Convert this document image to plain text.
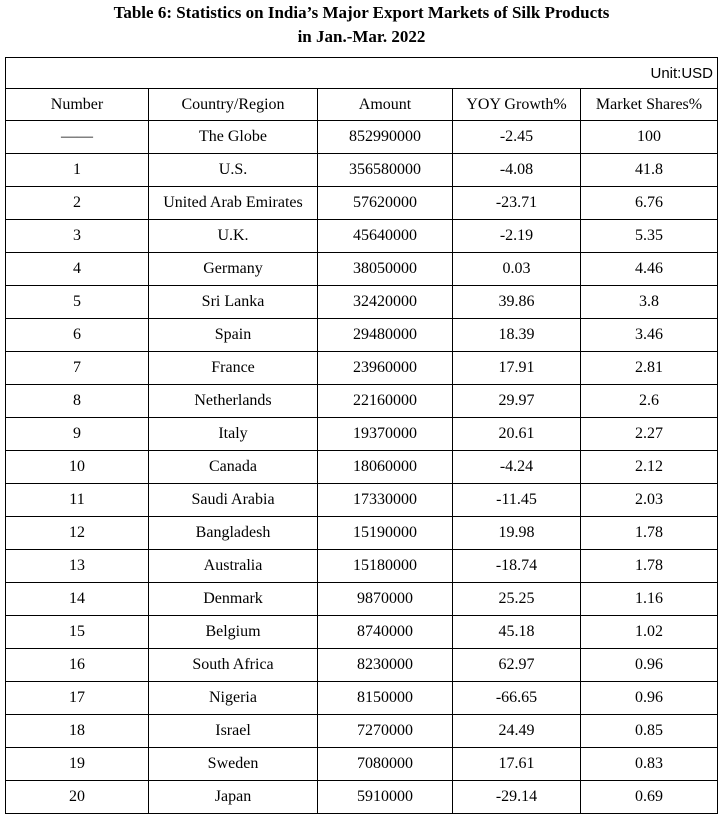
Table 6: Statistics on India’s Major Export Markets of Silk Products
in Jan.-Mar. 2022
Unit:USD				
Number	Country/Region	Amount	YOY Growth%	Market Shares%
——	The Globe	852990000	-2.45	100
1	U.S.	356580000	-4.08	41.8
2	United Arab Emirates	57620000	-23.71	6.76
3	U.K.	45640000	-2.19	5.35
4	Germany	38050000	0.03	4.46
5	Sri Lanka	32420000	39.86	3.8
6	Spain	29480000	18.39	3.46
7	France	23960000	17.91	2.81
8	Netherlands	22160000	29.97	2.6
9	Italy	19370000	20.61	2.27
10	Canada	18060000	-4.24	2.12
11	Saudi Arabia	17330000	-11.45	2.03
12	Bangladesh	15190000	19.98	1.78
13	Australia	15180000	-18.74	1.78
14	Denmark	9870000	25.25	1.16
15	Belgium	8740000	45.18	1.02
16	South Africa	8230000	62.97	0.96
17	Nigeria	8150000	-66.65	0.96
18	Israel	7270000	24.49	0.85
19	Sweden	7080000	17.61	0.83
20	Japan	5910000	-29.14	0.69
